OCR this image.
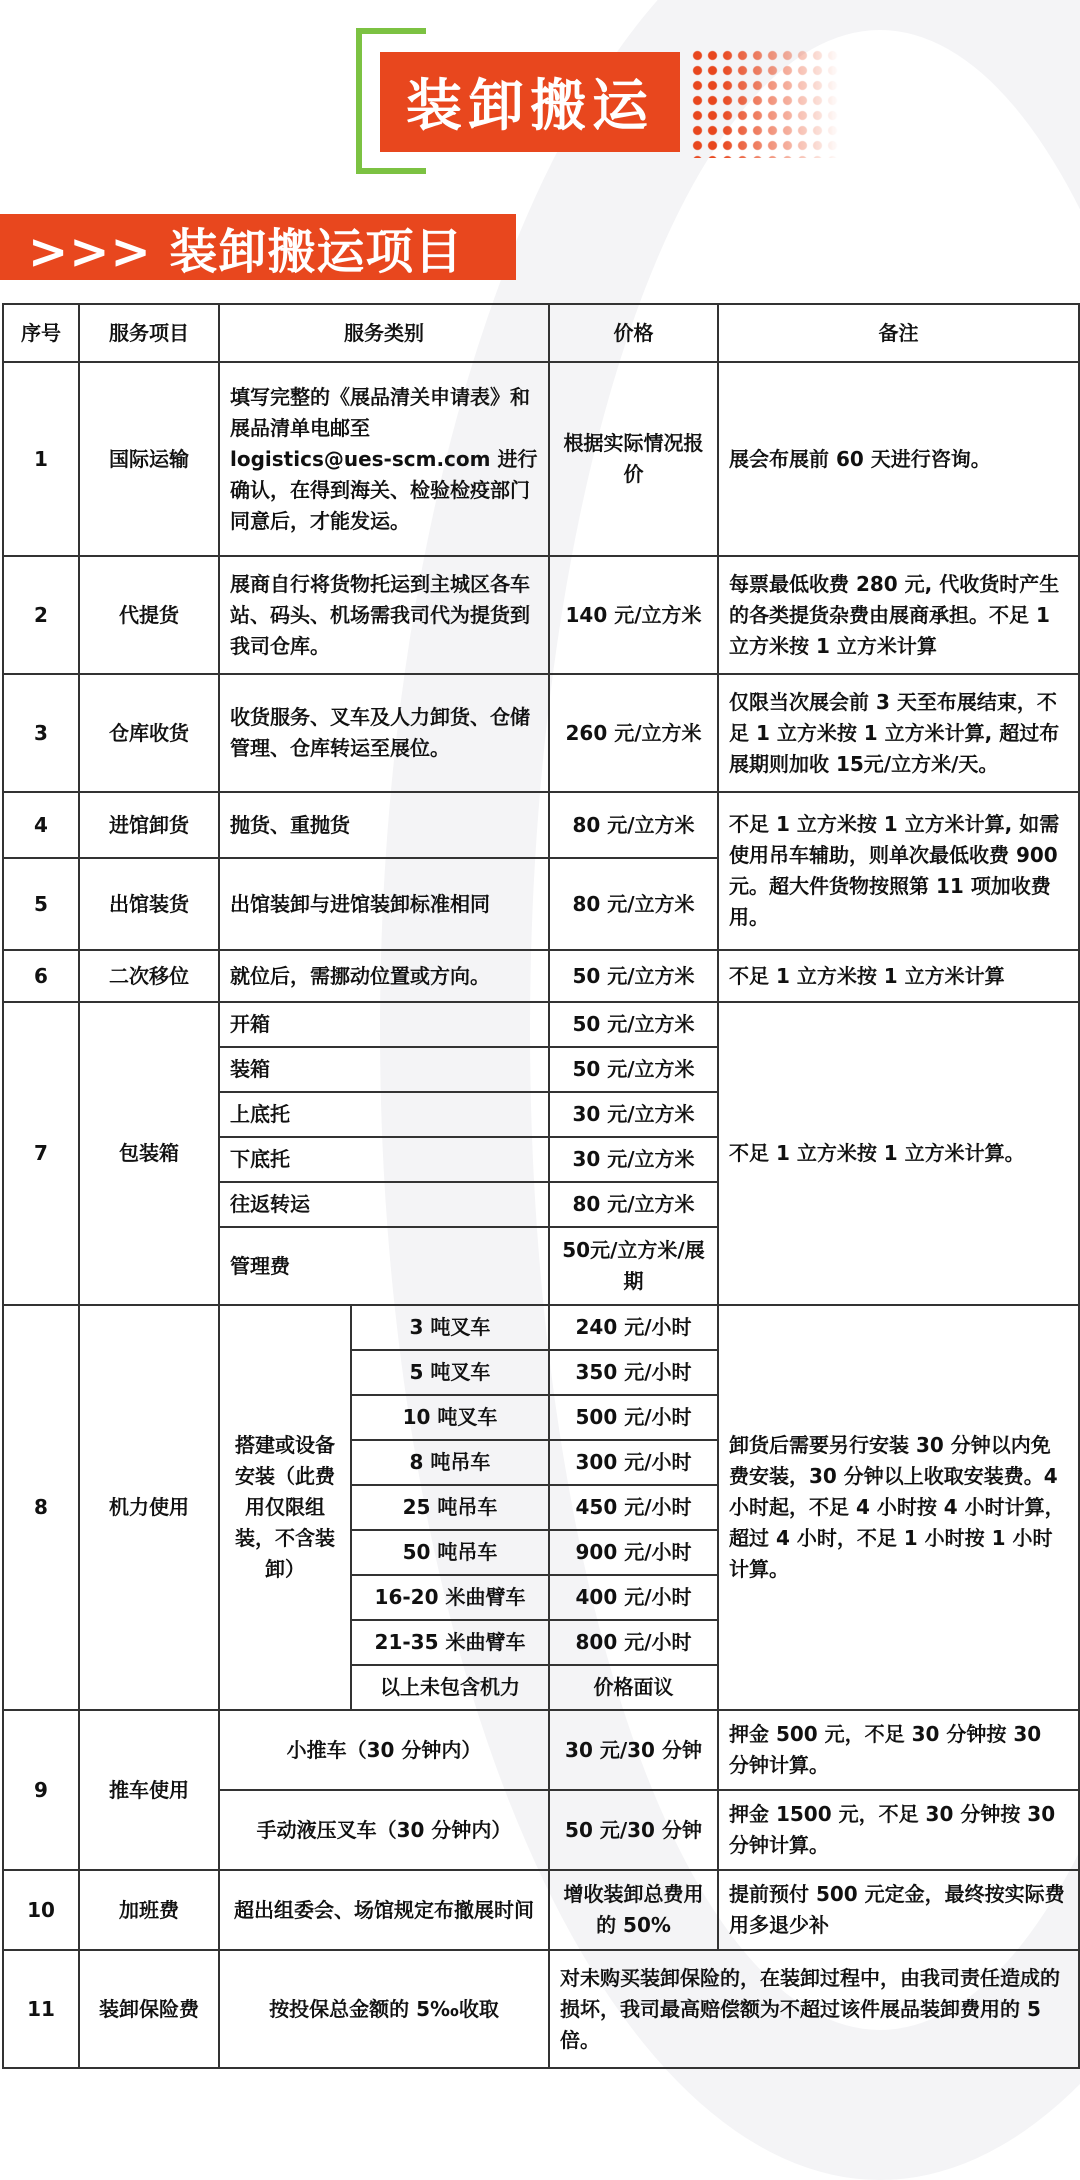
装卸搬运
>>> 装卸搬运项目
序号	服务项目	服务类别		价格	备注
1	国际运输	填写完整的《展品清关申请表》和展品清单电邮至 logistics@ues-scm.com 进行确认，在得到海关、检验检疫部门同意后，才能发运。		根据实际情况报价	展会布展前 60 天进行咨询。
2	代提货	展商自行将货物托运到主城区各车站、码头、机场需我司代为提货到我司仓库。		140 元/立方米	每票最低收费 280 元, 代收货时产生的各类提货杂费由展商承担。不足 1 立方米按 1 立方米计算
3	仓库收货	收货服务、叉车及人力卸货、仓储管理、仓库转运至展位。		260 元/立方米	仅限当次展会前 3 天至布展结束，不足 1 立方米按 1 立方米计算, 超过布展期则加收 15元/立方米/天。
4	进馆卸货	抛货、重抛货		80 元/立方米	不足 1 立方米按 1 立方米计算, 如需使用吊车辅助，则单次最低收费 900 元。超大件货物按照第 11 项加收费用。
5	出馆装货	出馆装卸与进馆装卸标准相同		80 元/立方米	
6	二次移位	就位后，需挪动位置或方向。		50 元/立方米	不足 1 立方米按 1 立方米计算
7	包装箱	开箱		50 元/立方米	不足 1 立方米按 1 立方米计算。
		装箱		50 元/立方米	
		上底托		30 元/立方米	
		下底托		30 元/立方米	
		往返转运		80 元/立方米	
		管理费		50元/立方米/展期	
8	机力使用	搭建或设备安装（此费用仅限组装，不含装卸）	3 吨叉车	240 元/小时	卸货后需要另行安装 30 分钟以内免费安装，30 分钟以上收取安装费。4 小时起，不足 4 小时按 4 小时计算，超过 4 小时，不足 1 小时按 1 小时计算。
			5 吨叉车	350 元/小时	
			10 吨叉车	500 元/小时	
			8 吨吊车	300 元/小时	
			25 吨吊车	450 元/小时	
			50 吨吊车	900 元/小时	
			16-20 米曲臂车	400 元/小时	
			21-35 米曲臂车	800 元/小时	
			以上未包含机力	价格面议	
9	推车使用	小推车（30 分钟内）		30 元/30 分钟	押金 500 元，不足 30 分钟按 30 分钟计算。
		手动液压叉车（30 分钟内）		50 元/30 分钟	押金 1500 元，不足 30 分钟按 30 分钟计算。
10	加班费	超出组委会、场馆规定布撤展时间		增收装卸总费用的 50%	提前预付 500 元定金，最终按实际费用多退少补
11	装卸保险费	按投保总金额的 5‰收取		对未购买装卸保险的，在装卸过程中，由我司责任造成的损坏，我司最高赔偿额为不超过该件展品装卸费用的 5 倍。	
